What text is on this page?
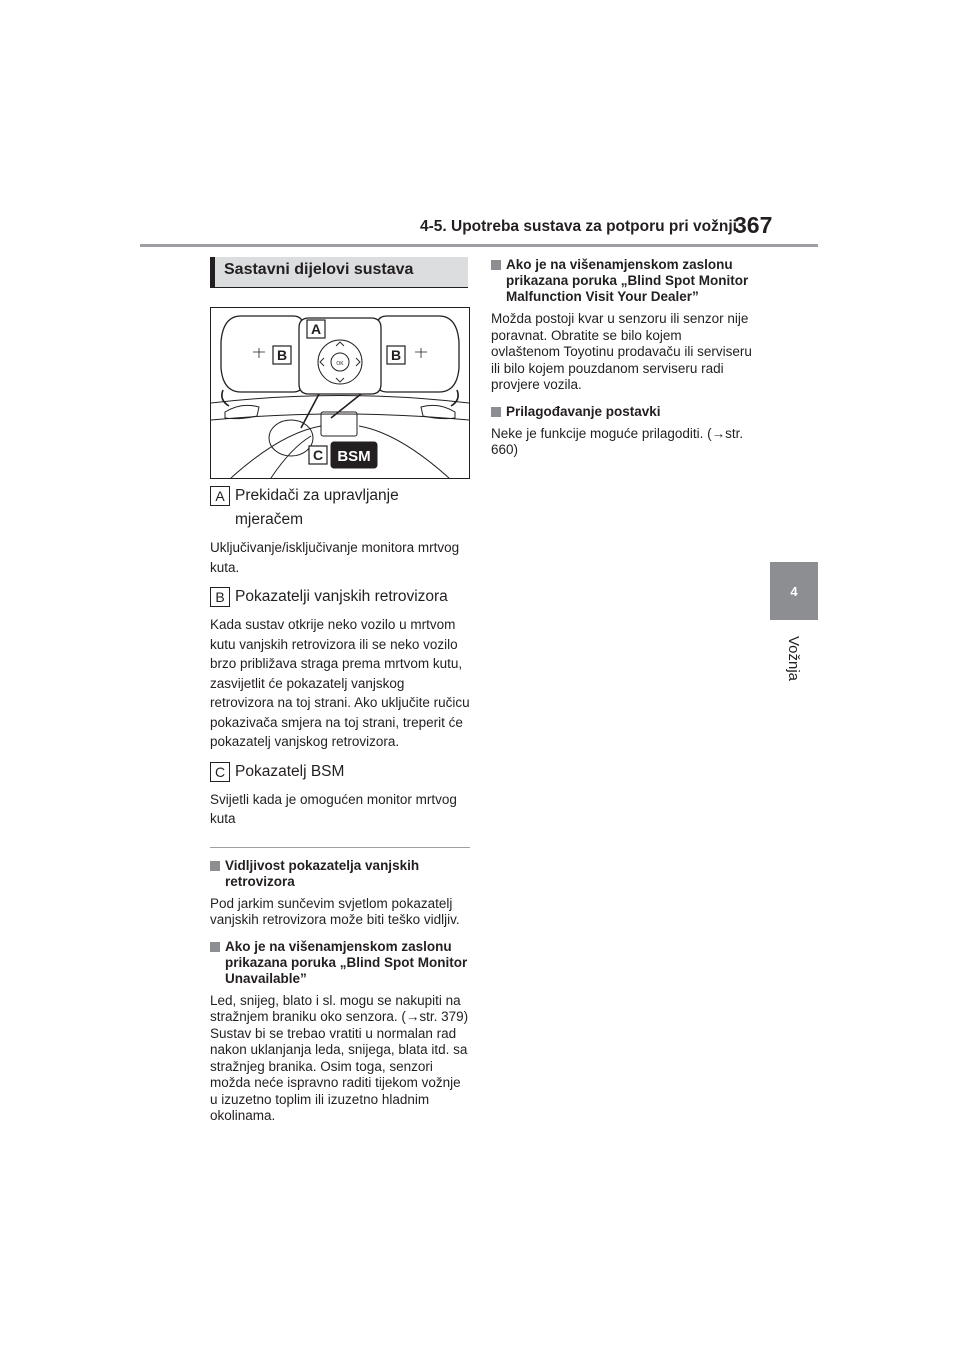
4-5. Upotreba sustava za potporu pri vožnji
367
4
Vožnja
Sastavni dijelovi sustava
OK
A
B	B
C BSM
A Prekidači za upravljanje mjeračem
Uključivanje/isključivanje monitora mrtvog kuta.
B Pokazatelji vanjskih retrovizora
Kada sustav otkrije neko vozilo u mrtvom kutu vanjskih retrovizora ili se neko vozilo brzo približava straga prema mrtvom kutu, zasvijetlit će pokazatelj vanjskog retrovizora na toj strani. Ako uključite ručicu pokazivača smjera na toj strani, treperit će pokazatelj vanjskog retrovizora.
C Pokazatelj BSM
Svijetli kada je omogućen monitor mrtvog kuta
Vidljivost pokazatelja vanjskih retrovizora
Pod jarkim sunčevim svjetlom pokazatelj vanjskih retrovizora može biti teško vidljiv.
Ako je na višenamjenskom zaslonu prikazana poruka „Blind Spot Monitor Unavailable”
Led, snijeg, blato i sl. mogu se nakupiti na stražnjem braniku oko senzora. (→str. 379) Sustav bi se trebao vratiti u normalan rad nakon uklanjanja leda, snijega, blata itd. sa stražnjeg branika. Osim toga, senzori možda neće ispravno raditi tijekom vožnje u izuzetno toplim ili izuzetno hladnim okolinama.
Ako je na višenamjenskom zaslonu prikazana poruka „Blind Spot Monitor Malfunction Visit Your Dealer”
Možda postoji kvar u senzoru ili senzor nije poravnat. Obratite se bilo kojem ovlaštenom Toyotinu prodavaču ili serviseru ili bilo kojem pouzdanom serviseru radi provjere vozila.
Prilagođavanje postavki
Neke je funkcije moguće prilagoditi. (→str. 660)
